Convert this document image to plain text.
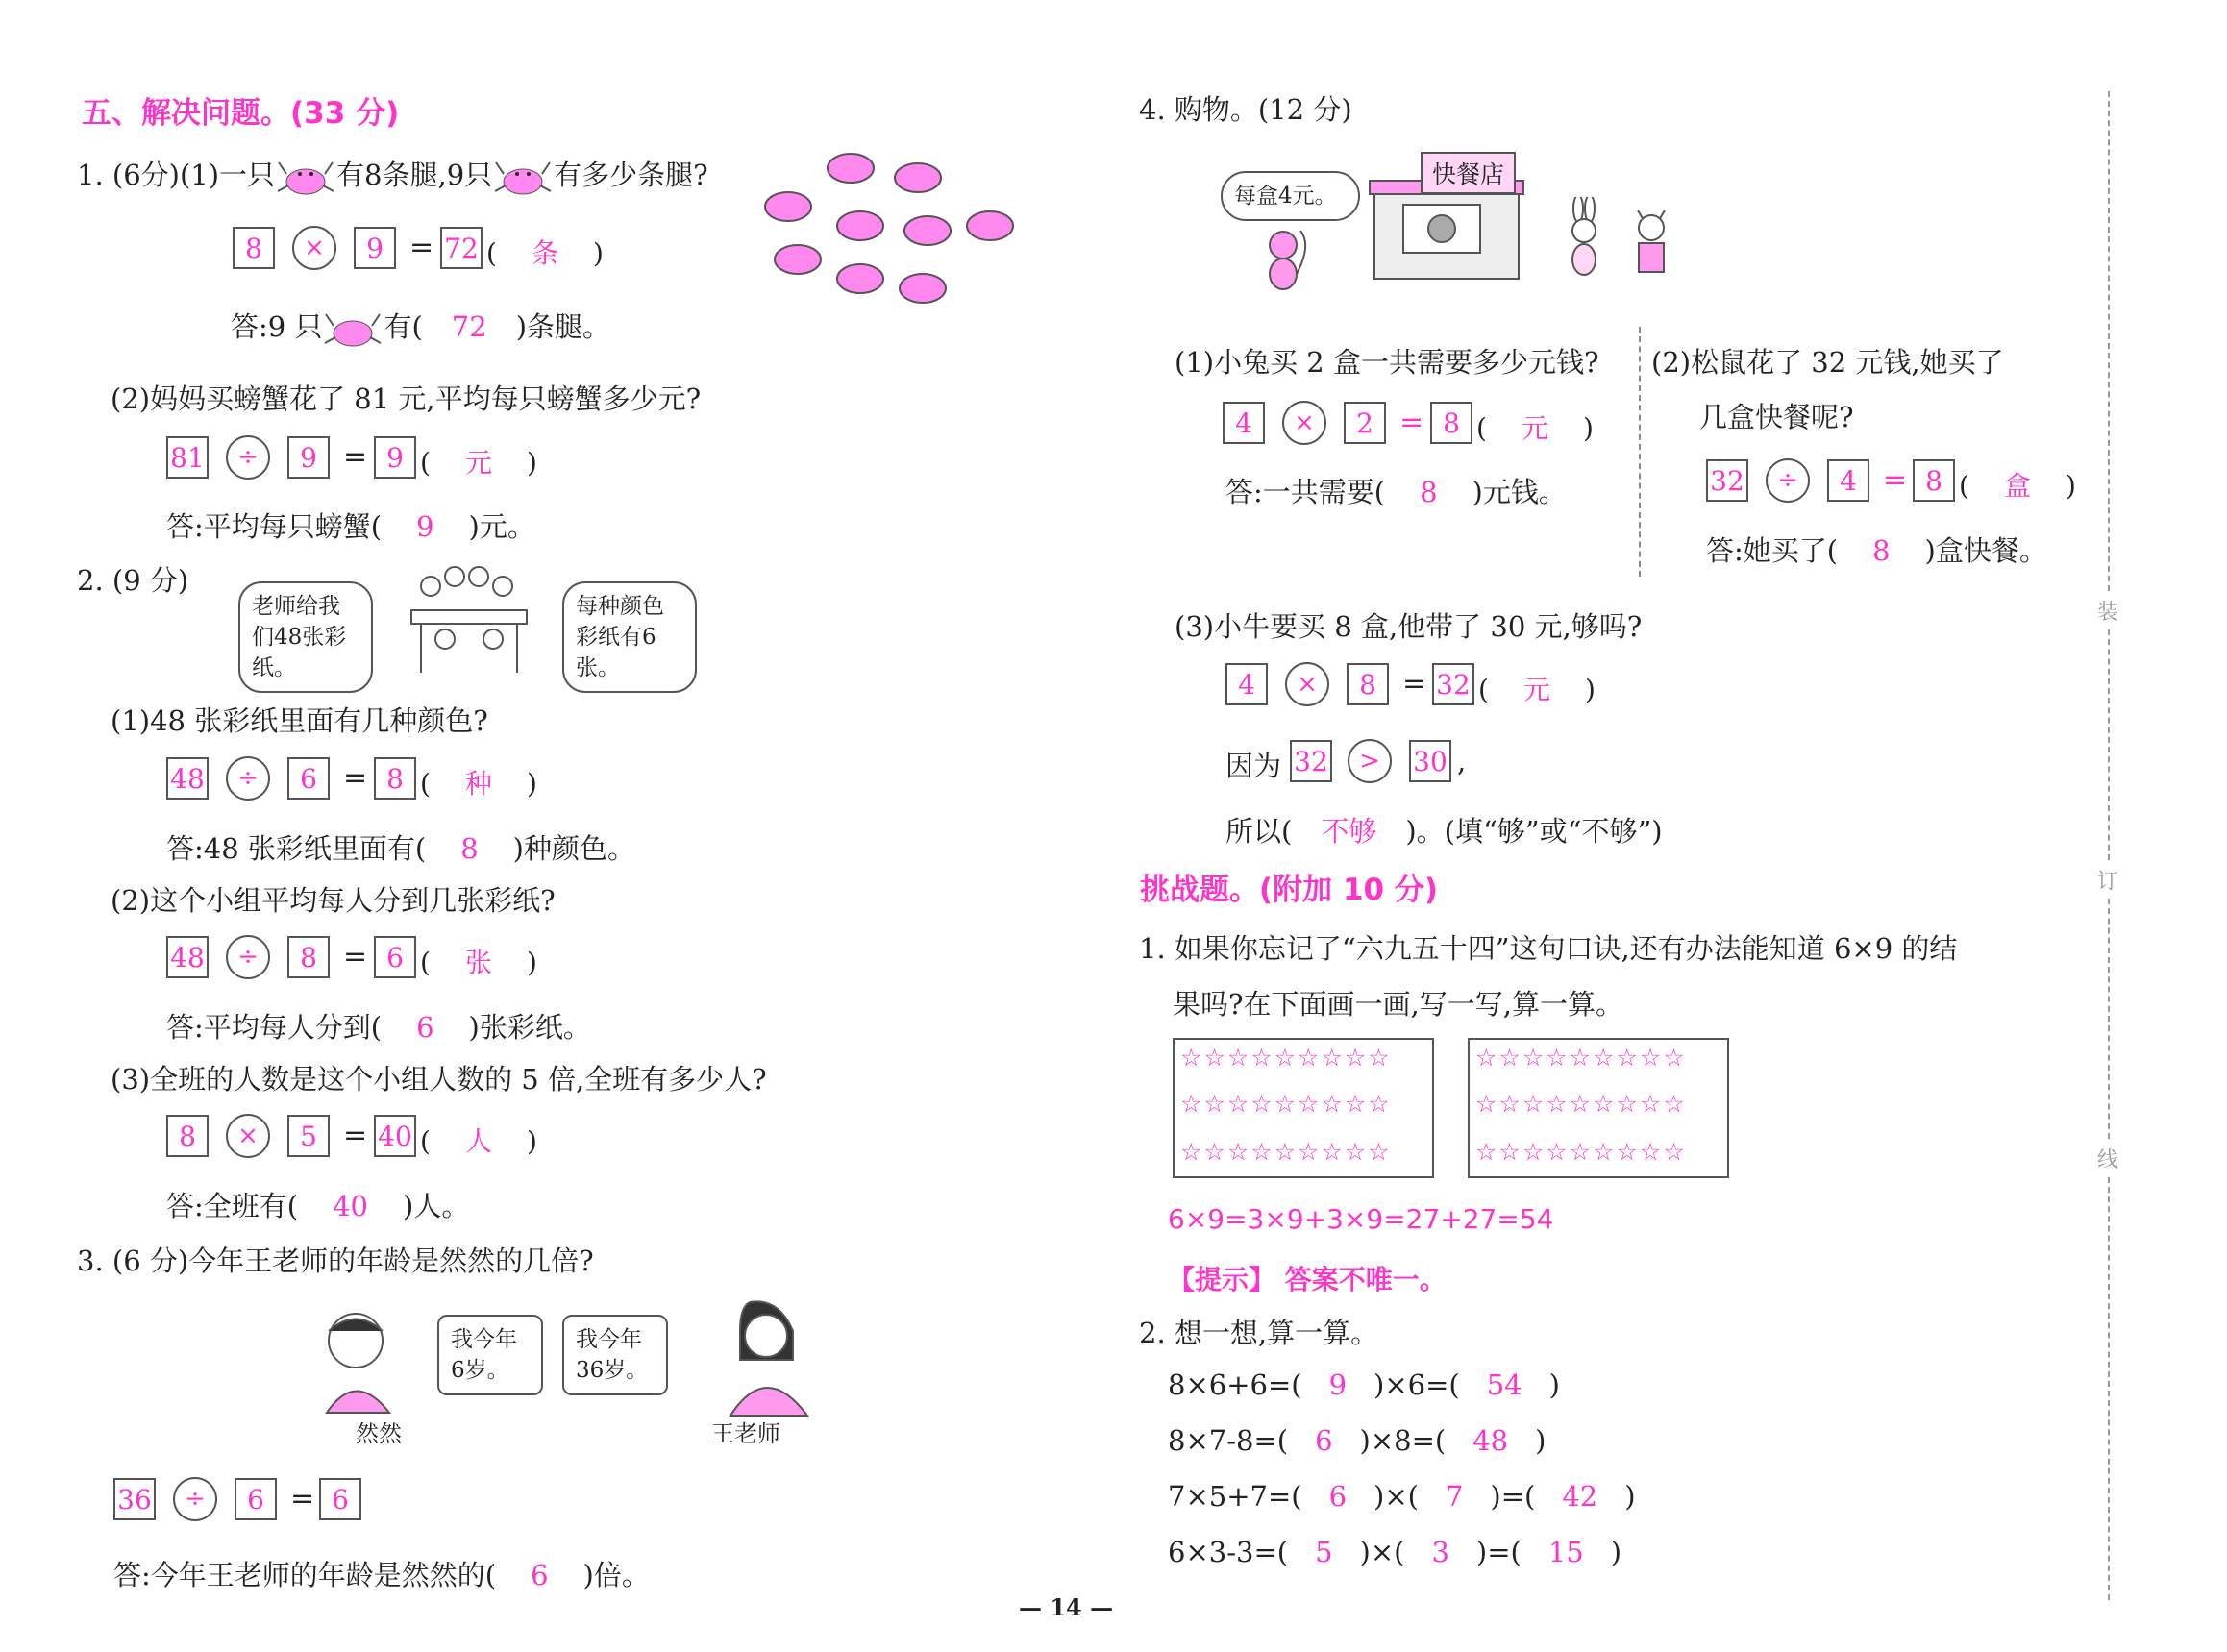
五、解决问题。(33 分)
1. (6分)(1)一只 有8条腿,9只 有多少条腿?
8	×	9 = 72 ( 条 )
答:9 只 有( 72 )条腿。
(2)妈妈买螃蟹花了 81 元,平均每只螃蟹多少元?
81	÷	9 = 9 ( 元 )
答:平均每只螃蟹( 9 )元。
2. (9 分)
老师给我们48张彩纸。
每种颜色彩纸有6张。
(1)48 张彩纸里面有几种颜色?
48	÷	6 = 8 ( 种 )
答:48 张彩纸里面有( 8 )种颜色。
(2)这个小组平均每人分到几张彩纸?
48	÷	8 = 6 ( 张 )
答:平均每人分到( 6 )张彩纸。
(3)全班的人数是这个小组人数的 5 倍,全班有多少人?
8	×	5 = 40 ( 人 )
答:全班有( 40 )人。
3. (6 分)今年王老师的年龄是然然的几倍?
我今年6岁。
我今年36岁。
然然	王老师
36	÷	6 = 6
答:今年王老师的年龄是然然的( 6 )倍。
4. 购物。(12 分)
每盒4元。
快餐店
(1)小兔买 2 盒一共需要多少元钱? (2)松鼠花了 32 元钱,她买了
几盒快餐呢?
4	×	2 = 8 ( 元 )
答:一共需要( 8 )元钱。	32	÷	4 = 8 ( 盒 )
答:她买了( 8 )盒快餐。
(3)小牛要买 8 盒,他带了 30 元,够吗?
4	×	8 = 32 ( 元 )
因为 32	>	30 ,
所以( 不够 )。(填“够”或“不够”)
挑战题。(附加 10 分)
1. 如果你忘记了“六九五十四”这句口诀,还有办法能知道 6×9 的结
果吗?在下面画一画,写一写,算一算。
☆☆☆☆☆☆☆☆☆
☆☆☆☆☆☆☆☆☆
☆☆☆☆☆☆☆☆☆
☆☆☆☆☆☆☆☆☆
☆☆☆☆☆☆☆☆☆
☆☆☆☆☆☆☆☆☆
6×9=3×9+3×9=27+27=54
【提示】 答案不唯一。
2. 想一想,算一算。
8×6+6=( 9 )×6=( 54 )
8×7-8=( 6 )×8=( 48 )
7×5+7=( 6 )×( 7 )=( 42 )
6×3-3=( 5 )×( 3 )=( 15 )
装
订
线
— 14 —
